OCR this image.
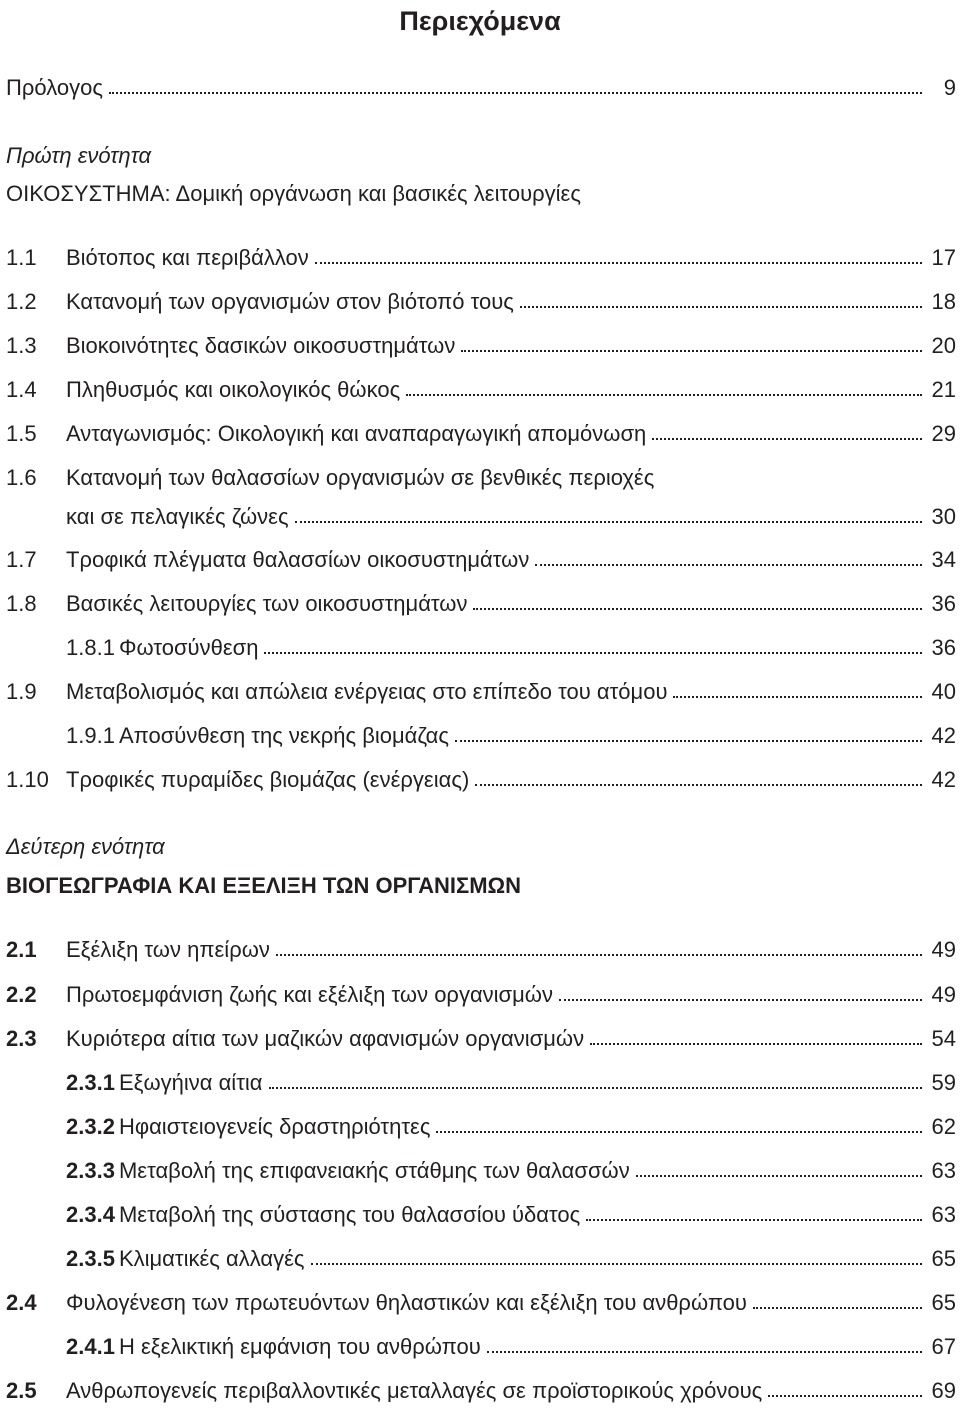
Περιεχόμενα
Πρόλογος	9
Πρώτη ενότητα
ΟΙΚΟΣΥΣΤΗΜΑ: Δομική οργάνωση και βασικές λειτουργίες
1.1	Βιότοπος και περιβάλλον	17
1.2	Κατανομή των οργανισμών στον βιότοπό τους	18
1.3	Βιοκοινότητες δασικών οικοσυστημάτων	20
1.4	Πληθυσμός και οικολογικός θώκος	21
1.5	Ανταγωνισμός: Οικολογική και αναπαραγωγική απομόνωση	29
1.6	Κατανομή των θαλασσίων οργανισμών σε βενθικές περιοχές
και σε πελαγικές ζώνες	30
1.7	Τροφικά πλέγματα θαλασσίων οικοσυστημάτων	34
1.8	Βασικές λειτουργίες των οικοσυστημάτων	36
1.8.1 Φωτοσύνθεση	36
1.9	Μεταβολισμός και απώλεια ενέργειας στο επίπεδο του ατόμου	40
1.9.1 Αποσύνθεση της νεκρής βιομάζας	42
1.10 Τροφικές πυραμίδες βιομάζας (ενέργειας)	42
Δεύτερη ενότητα
ΒΙΟΓΕΩΓΡΑΦΙΑ ΚΑΙ ΕΞΕΛΙΞΗ ΤΩΝ ΟΡΓΑΝΙΣΜΩΝ
2.1	Εξέλιξη των ηπείρων	49
2.2	Πρωτοεμφάνιση ζωής και εξέλιξη των οργανισμών	49
2.3	Κυριότερα αίτια των μαζικών αφανισμών οργανισμών	54
2.3.1 Εξωγήινα αίτια	59
2.3.2 Ηφαιστειογενείς δραστηριότητες	62
2.3.3 Μεταβολή της επιφανειακής στάθμης των θαλασσών	63
2.3.4 Μεταβολή της σύστασης του θαλασσίου ύδατος	63
2.3.5 Κλιματικές αλλαγές	65
2.4	Φυλογένεση των πρωτευόντων θηλαστικών και εξέλιξη του ανθρώπου	65
2.4.1 Η εξελικτική εμφάνιση του ανθρώπου	67
2.5	Ανθρωπογενείς περιβαλλοντικές μεταλλαγές σε προϊστορικούς χρόνους	69
